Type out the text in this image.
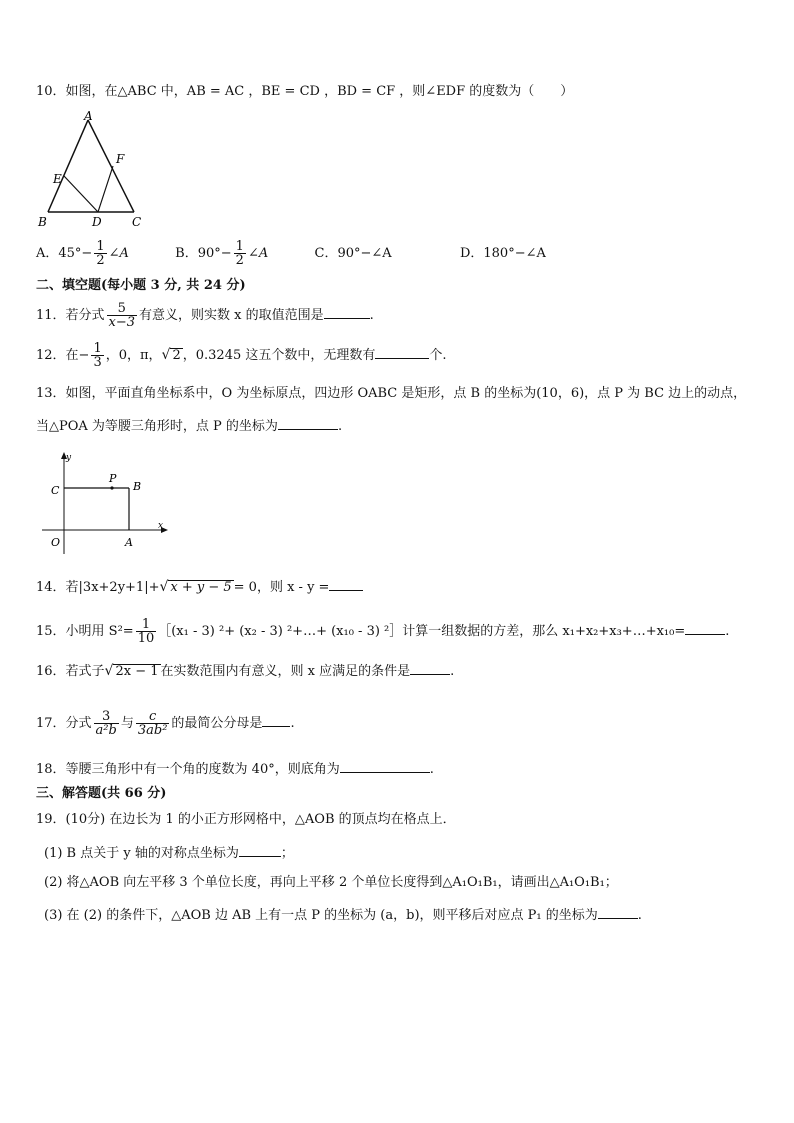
10．如图，在△ABC 中，AB = AC ，BE = CD ，BD = CF ，则∠EDF 的度数为（　　）
A
F
E
B	D	C
A．$45^\circ- \frac{1}{2}$ ∠A	B．$90^\circ- \frac{1}{2}$ ∠A	C．90°−∠A	D．180°−∠A
二、填空题(每小题 3 分, 共 24 分)
11．若分式 $\frac{5}{x-3}$ 有意义，则实数 x 的取值范围是	.
12．在− $\frac{1}{3}$ ，0，π，√ 2 ，0.3245 这五个数中，无理数有	个.
13．如图，平面直角坐标系中，O 为坐标原点，四边形 OABC 是矩形，点 B 的坐标为(10，6)，点 P 为 BC 边上的动点，
当△POA 为等腰三角形时，点 P 的坐标为	.
y
x
C
P
B
O	A
14．若|3x+2y+1|+√ x + y − 5 = 0，则 x - y =
15．小明用 $S^2= \frac{1}{10}$ ［(x₁ - 3) ²+ (x₂ - 3) ²+…+ (x₁₀ - 3) ²］计算一组数据的方差，那么 x₁+x₂+x₃+…+x₁₀=	.
16．若式子√ 2x − 1 在实数范围内有意义，则 x 应满足的条件是	.
17．分式 $\frac{3}{\text{a²b}}$ 与 $\frac{c}{\text{3ab²}}$ 的最简公分母是 .
18．等腰三角形中有一个角的度数为 40°，则底角为	.
三、解答题(共 66 分)
19．(10分) 在边长为 1 的小正方形网格中，△AOB 的顶点均在格点上．
(1) B 点关于 y 轴的对称点坐标为	；
(2) 将△AOB 向左平移 3 个单位长度，再向上平移 2 个单位长度得到△A₁O₁B₁，请画出△A₁O₁B₁；
(3) 在 (2) 的条件下，△AOB 边 AB 上有一点 P 的坐标为 (a，b)，则平移后对应点 P₁ 的坐标为	.
